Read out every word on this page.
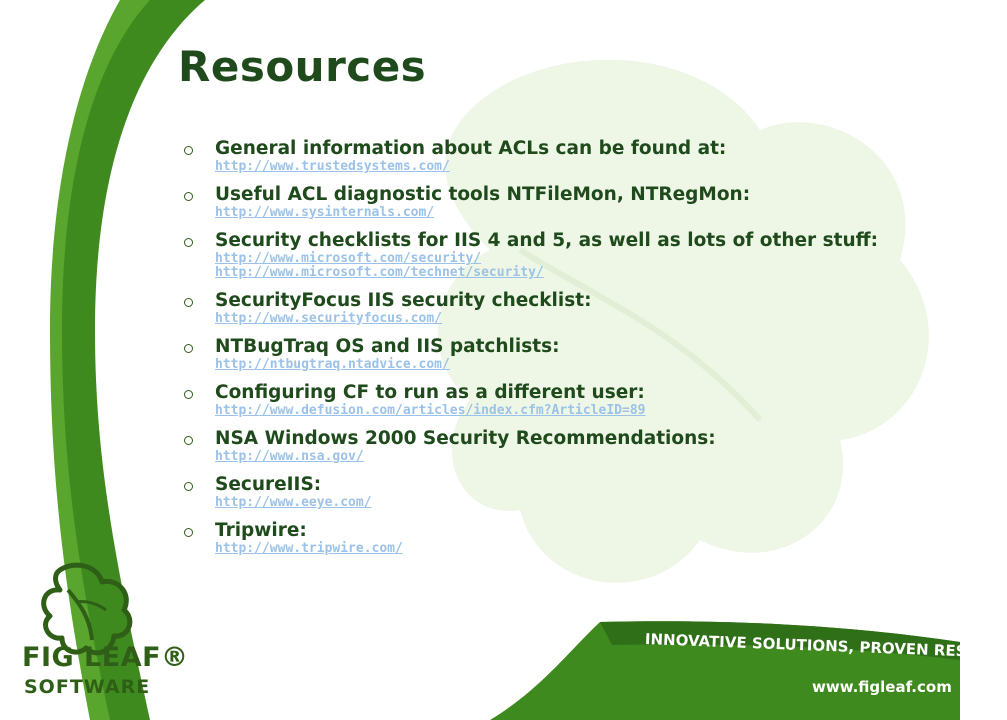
Resources
General information about ACLs can be found at:
http://www.trustedsystems.com/
Useful ACL diagnostic tools NTFileMon, NTRegMon:
http://www.sysinternals.com/
Security checklists for IIS 4 and 5, as well as lots of other stuff:
http://www.microsoft.com/security/
http://www.microsoft.com/technet/security/
SecurityFocus IIS security checklist:
http://www.securityfocus.com/
NTBugTraq OS and IIS patchlists:
http://ntbugtraq.ntadvice.com/
Configuring CF to run as a different user:
http://www.defusion.com/articles/index.cfm?ArticleID=89
NSA Windows 2000 Security Recommendations:
http://www.nsa.gov/
SecureIIS:
http://www.eeye.com/
Tripwire:
http://www.tripwire.com/

FIG LEAF®

SOFTWARE

INNOVATIVE SOLUTIONS, PROVEN RESULTS

www.figleaf.com
